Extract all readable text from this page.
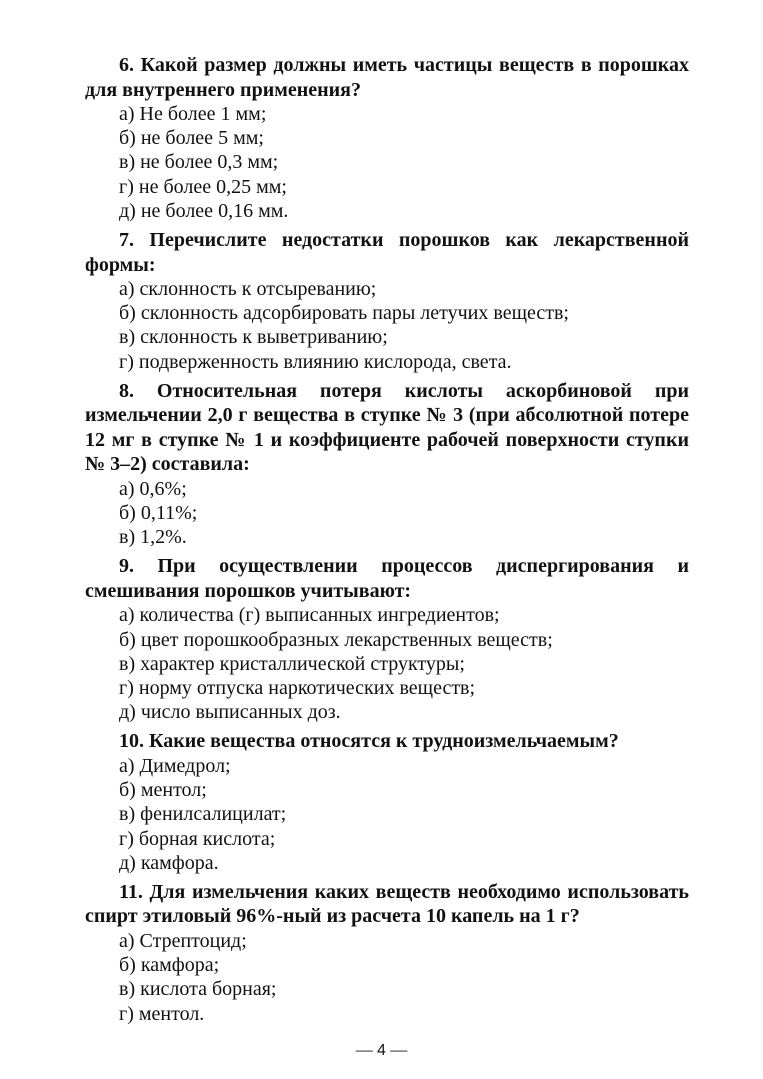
6. Какой размер должны иметь частицы веществ в порошках для внутреннего применения?

а) Не более 1 мм;
б) не более 5 мм;
в) не более 0,3 мм;
г) не более 0,25 мм;
д) не более 0,16 мм.

7. Перечислите недостатки порошков как лекарственной формы:

а) склонность к отсыреванию;
б) склонность адсорбировать пары летучих веществ;
в) склонность к выветриванию;
г) подверженность влиянию кислорода, света.

8. Относительная потеря кислоты аскорбиновой при измельчении 2,0 г вещества в ступке № 3 (при абсолютной потере 12 мг в ступке № 1 и коэффициенте рабочей поверхности ступки № 3–2) составила:

а) 0,6%;
б) 0,11%;
в) 1,2%.

9. При осуществлении процессов диспергирования и смешивания порошков учитывают:

а) количества (г) выписанных ингредиентов;
б) цвет порошкообразных лекарственных веществ;
в) характер кристаллической структуры;
г) норму отпуска наркотических веществ;
д) число выписанных доз.

10. Какие вещества относятся к трудноизмельчаемым?

а) Димедрол;
б) ментол;
в) фенилсалицилат;
г) борная кислота;
д) камфора.

11. Для измельчения каких веществ необходимо использовать спирт этиловый 96%-ный из расчета 10 капель на 1 г?

а) Стрептоцид;
б) камфора;
в) кислота борная;
г) ментол.
— 4 —
